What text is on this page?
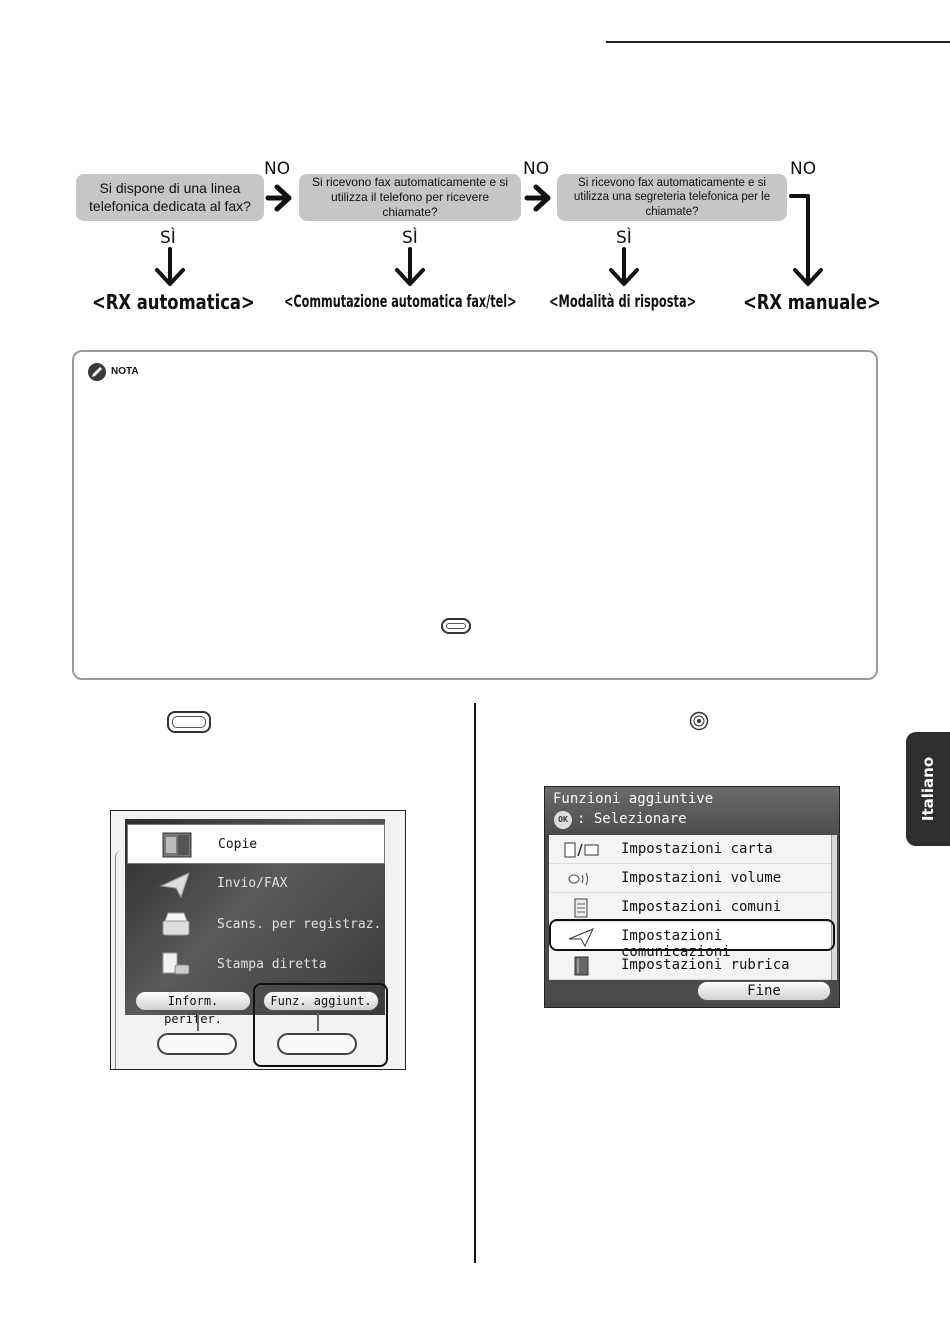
Si dispone di una linea telefonica dedicata al fax?
Si ricevono fax automaticamente e si utilizza il telefono per ricevere chiamate?
Si ricevono fax automaticamente e si utilizza una segreteria telefonica per le chiamate?
NO	NO	NO
SÌ	SÌ	SÌ
<RX automatica> <Commutazione automatica fax/tel> <Modalità di risposta> <RX manuale>
NOTA
Copie
Invio/FAX
Scans. per registraz.
Stampa diretta
Inform. perifer.
Funz. aggiunt.
Funzioni aggiuntive
OK : Selezionare
Impostazioni carta
Impostazioni volume
Impostazioni comuni
Impostazioni comunicazioni
Impostazioni rubrica
Fine
Italiano
